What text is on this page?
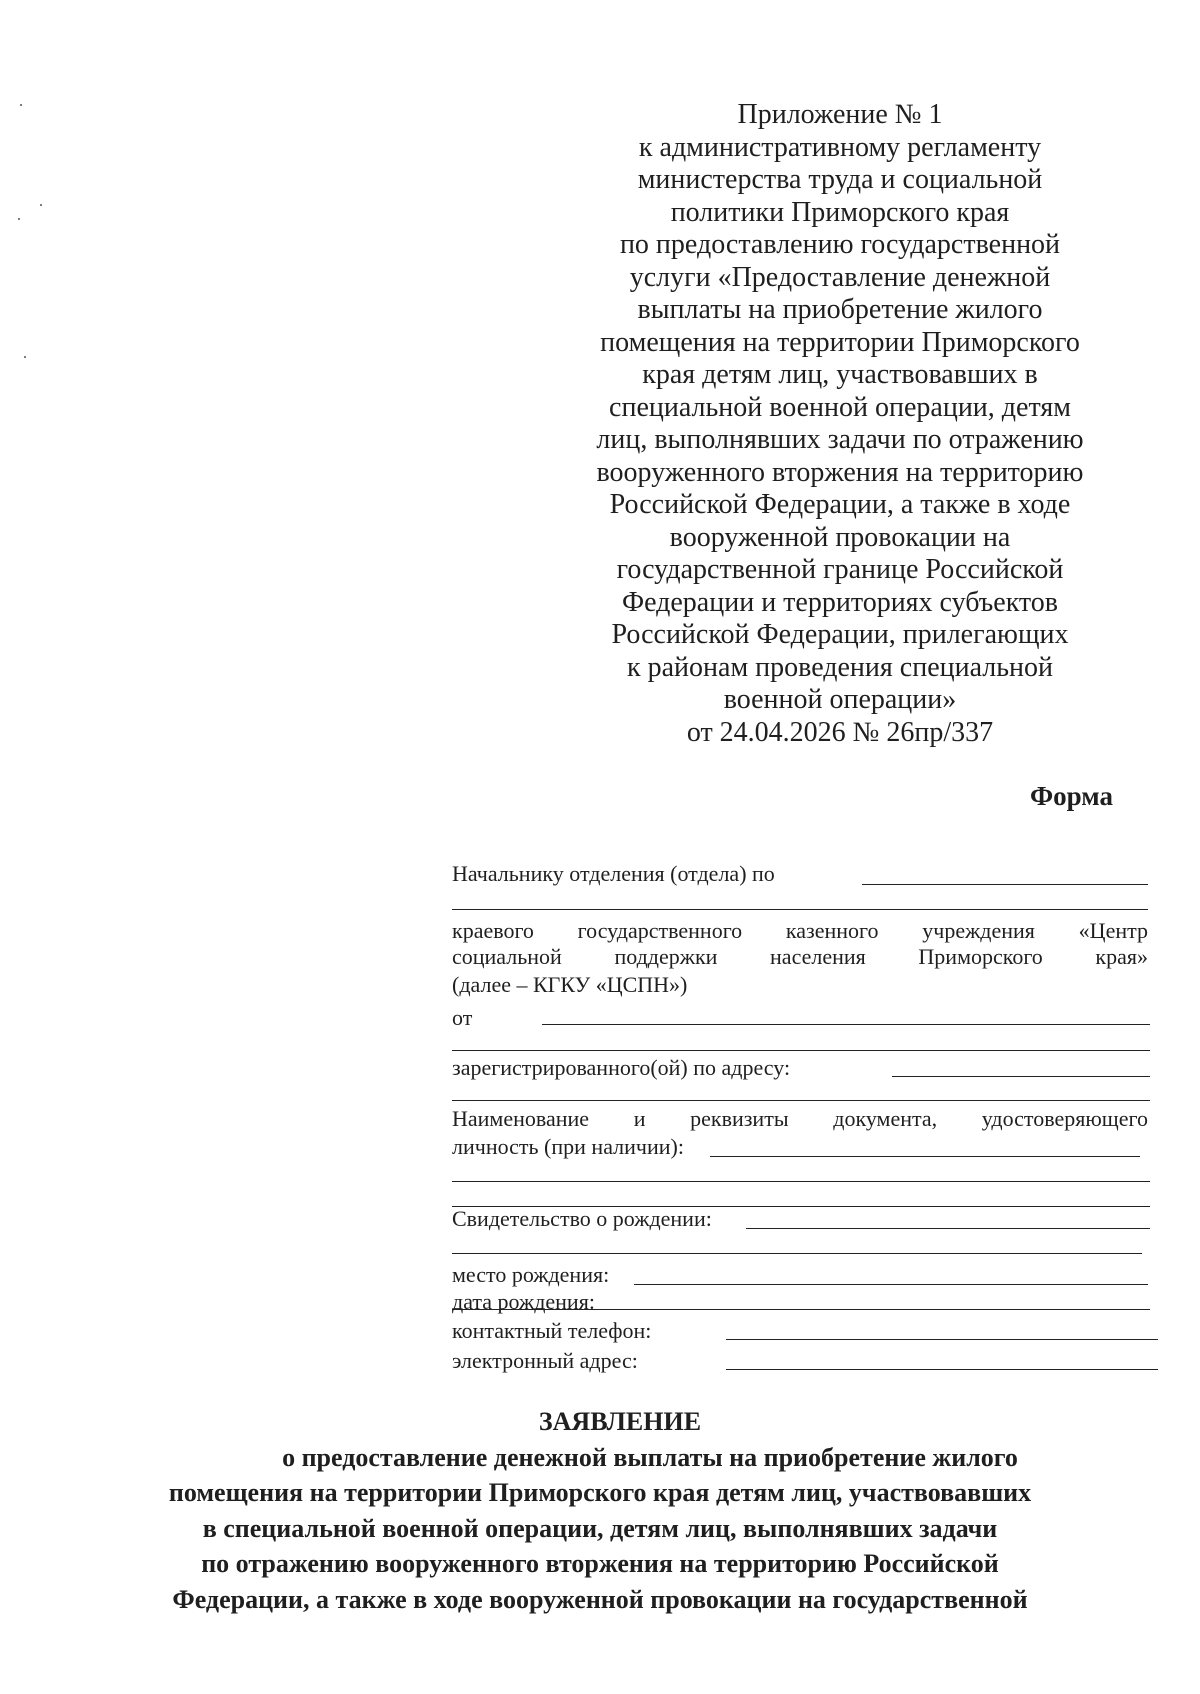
Приложение № 1
к административному регламенту
министерства труда и социальной
политики Приморского края
по предоставлению государственной
услуги «Предоставление денежной
выплаты на приобретение жилого
помещения на территории Приморского
края детям лиц, участвовавших в
специальной военной операции, детям
лиц, выполнявших задачи по отражению
вооруженного вторжения на территорию
Российской Федерации, а также в ходе
вооруженной провокации на
государственной границе Российской
Федерации и территориях субъектов
Российской Федерации, прилегающих
к районам проведения специальной
военной операции»
от 24.04.2026 № 26пр/337
Форма
Начальнику отделения (отдела) по
краевого государственного казенного учреждения «Центр
социальной поддержки населения Приморского края»
(далее – КГКУ «ЦСПН»)
от
зарегистрированного(ой) по адресу:
Наименование и реквизиты документа, удостоверяющего
личность (при наличии):
Свидетельство о рождении:
место рождения:
дата рождения:
контактный телефон:
электронный адрес:
ЗАЯВЛЕНИЕ
о предоставление денежной выплаты на приобретение жилого
помещения на территории Приморского края детям лиц, участвовавших
в специальной военной операции, детям лиц, выполнявших задачи
по отражению вооруженного вторжения на территорию Российской
Федерации, а также в ходе вооруженной провокации на государственной
